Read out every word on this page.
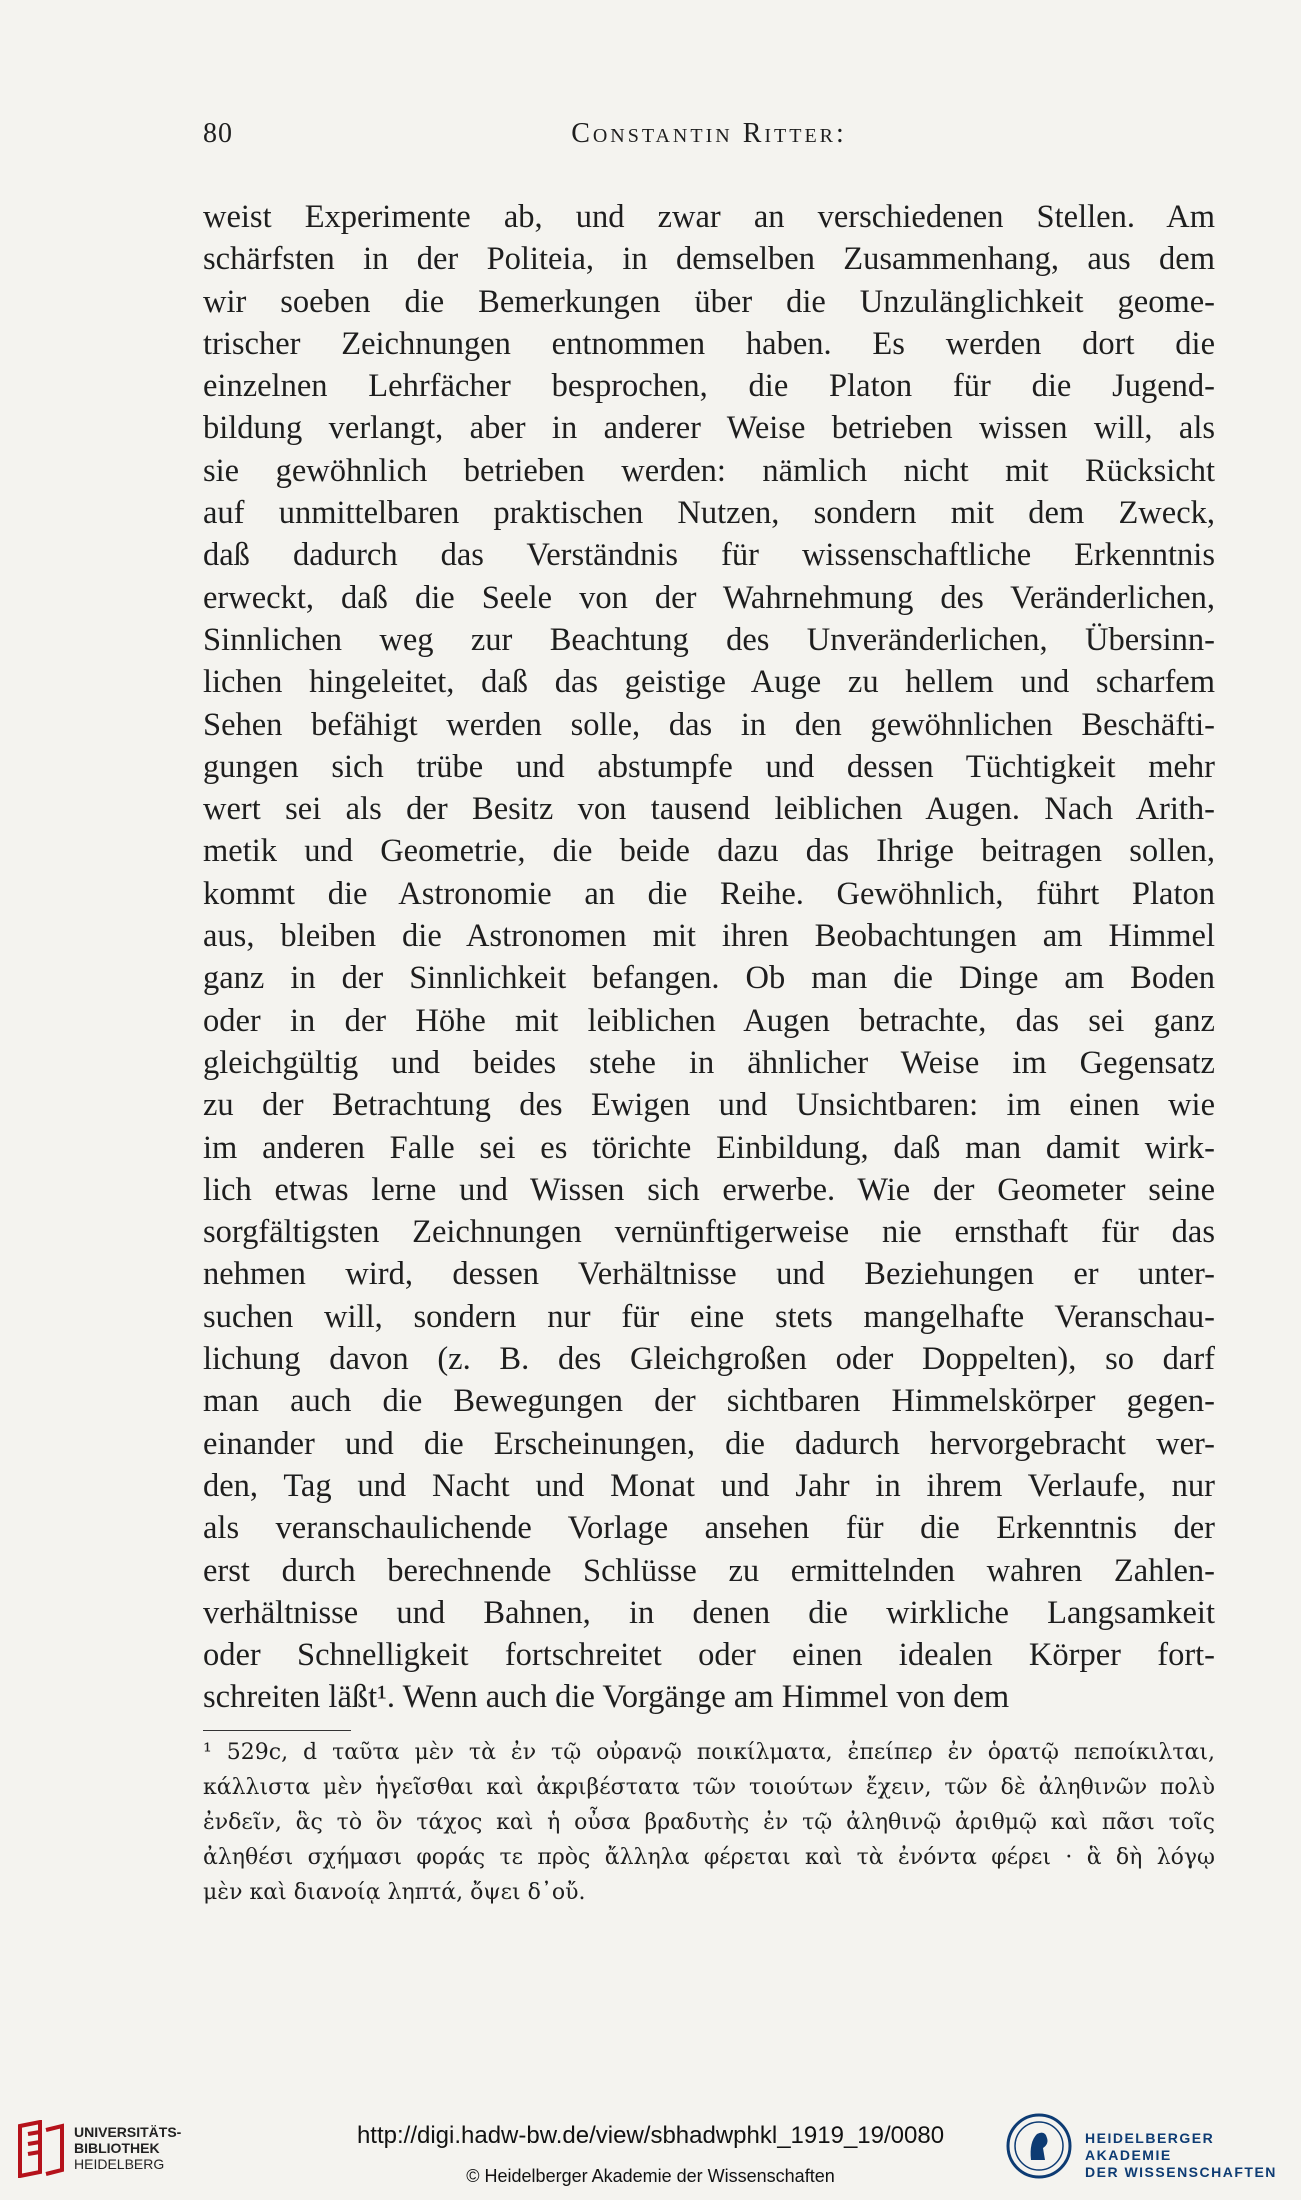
80	Constantin Ritter:
weist Experimente ab, und zwar an verschiedenen Stellen. Am
schärfsten in der Politeia, in demselben Zusammenhang, aus dem
wir soeben die Bemerkungen über die Unzulänglichkeit geome-
trischer Zeichnungen entnommen haben. Es werden dort die
einzelnen Lehrfächer besprochen, die Platon für die Jugend-
bildung verlangt, aber in anderer Weise betrieben wissen will, als
sie gewöhnlich betrieben werden: nämlich nicht mit Rücksicht
auf unmittelbaren praktischen Nutzen, sondern mit dem Zweck,
daß dadurch das Verständnis für wissenschaftliche Erkenntnis
erweckt, daß die Seele von der Wahrnehmung des Veränderlichen,
Sinnlichen weg zur Beachtung des Unveränderlichen, Übersinn-
lichen hingeleitet, daß das geistige Auge zu hellem und scharfem
Sehen befähigt werden solle, das in den gewöhnlichen Beschäfti-
gungen sich trübe und abstumpfe und dessen Tüchtigkeit mehr
wert sei als der Besitz von tausend leiblichen Augen. Nach Arith-
metik und Geometrie, die beide dazu das Ihrige beitragen sollen,
kommt die Astronomie an die Reihe. Gewöhnlich, führt Platon
aus, bleiben die Astronomen mit ihren Beobachtungen am Himmel
ganz in der Sinnlichkeit befangen. Ob man die Dinge am Boden
oder in der Höhe mit leiblichen Augen betrachte, das sei ganz
gleichgültig und beides stehe in ähnlicher Weise im Gegensatz
zu der Betrachtung des Ewigen und Unsichtbaren: im einen wie
im anderen Falle sei es törichte Einbildung, daß man damit wirk-
lich etwas lerne und Wissen sich erwerbe. Wie der Geometer seine
sorgfältigsten Zeichnungen vernünftigerweise nie ernsthaft für das
nehmen wird, dessen Verhältnisse und Beziehungen er unter-
suchen will, sondern nur für eine stets mangelhafte Veranschau-
lichung davon (z. B. des Gleichgroßen oder Doppelten), so darf
man auch die Bewegungen der sichtbaren Himmelskörper gegen-
einander und die Erscheinungen, die dadurch hervorgebracht wer-
den, Tag und Nacht und Monat und Jahr in ihrem Verlaufe, nur
als veranschaulichende Vorlage ansehen für die Erkenntnis der
erst durch berechnende Schlüsse zu ermittelnden wahren Zahlen-
verhältnisse und Bahnen, in denen die wirkliche Langsamkeit
oder Schnelligkeit fortschreitet oder einen idealen Körper fort-
schreiten läßt¹. Wenn auch die Vorgänge am Himmel von dem
¹ 529c, d ταῦτα μὲν τὰ ἐν τῷ οὐρανῷ ποικίλματα, ἐπείπερ ἐν ὁρατῷ πεποίκιλται,
κάλλιστα μὲν ἡγεῖσθαι καὶ ἀκριβέστατα τῶν τοιούτων ἔχειν, τῶν δὲ ἀληθινῶν πολὺ
ἐνδεῖν, ἃς τὸ ὂν τάχος καὶ ἡ οὖσα βραδυτὴς ἐν τῷ ἀληθινῷ ἀριθμῷ καὶ πᾶσι τοῖς
ἀληθέσι σχήμασι φοράς τε πρὸς ἄλληλα φέρεται καὶ τὰ ἐνόντα φέρει · ἃ δὴ λόγῳ
μὲν καὶ διανοίᾳ ληπτά, ὄψει δ᾽οὔ.
UNIVERSITÄTS-
BIBLIOTHEK
HEIDELBERG
http://digi.hadw-bw.de/view/sbhadwphkl_1919_19/0080
© Heidelberger Akademie der Wissenschaften
HEIDELBERGER AKADEMIE
DER WISSENSCHAFTEN
